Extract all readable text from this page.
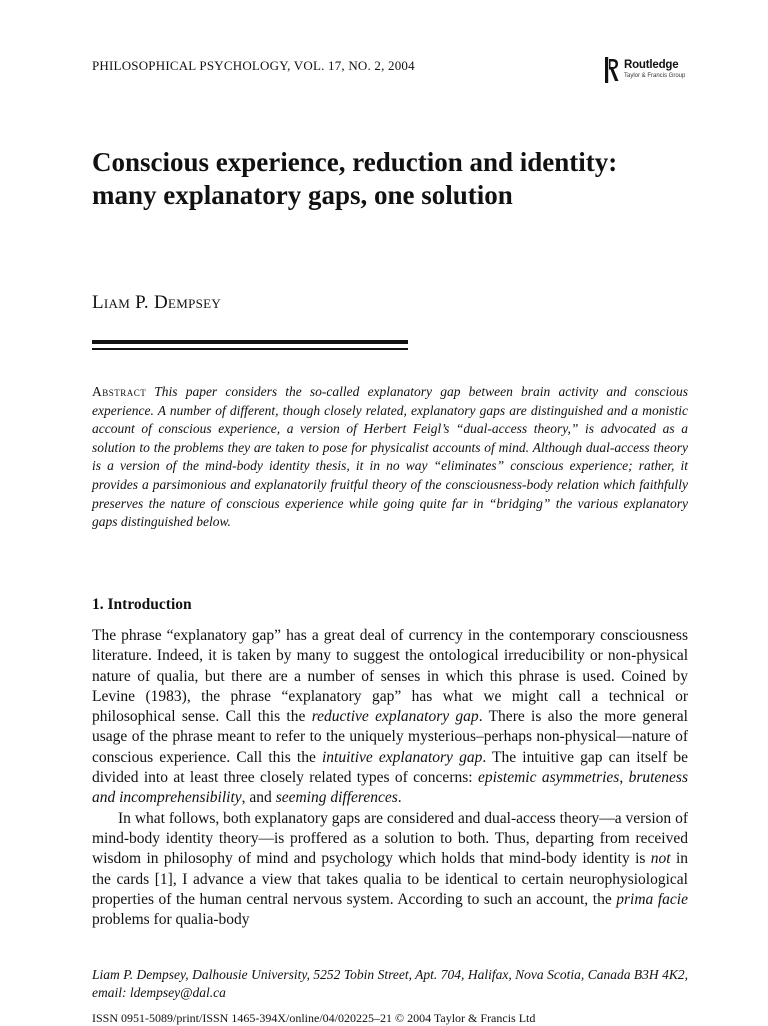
PHILOSOPHICAL PSYCHOLOGY, VOL. 17, NO. 2, 2004	Routledge
Taylor & Francis Group
Conscious experience, reduction and identity: many explanatory gaps, one solution
Liam P. Dempsey

Abstract This paper considers the so-called explanatory gap between brain activity and conscious experience. A number of different, though closely related, explanatory gaps are distinguished and a monistic account of conscious experience, a version of Herbert Feigl’s “dual-access theory,” is advocated as a solution to the problems they are taken to pose for physicalist accounts of mind. Although dual-access theory is a version of the mind-body identity thesis, it in no way “eliminates” conscious experience; rather, it provides a parsimonious and explanatorily fruitful theory of the consciousness-body relation which faithfully preserves the nature of conscious experience while going quite far in “bridging” the various explanatory gaps distinguished below.

1. Introduction

The phrase “explanatory gap” has a great deal of currency in the contemporary consciousness literature. Indeed, it is taken by many to suggest the ontological irreducibility or non-physical nature of qualia, but there are a number of senses in which this phrase is used. Coined by Levine (1983), the phrase “explanatory gap” has what we might call a technical or philosophical sense. Call this the reductive explanatory gap. There is also the more general usage of the phrase meant to refer to the uniquely mysterious–perhaps non-physical—nature of conscious experience. Call this the intuitive explanatory gap. The intuitive gap can itself be divided into at least three closely related types of concerns: epistemic asymmetries, bruteness and incomprehensibility, and seeming differences.

In what follows, both explanatory gaps are considered and dual-access theory—a version of mind-body identity theory—is proffered as a solution to both. Thus, departing from received wisdom in philosophy of mind and psychology which holds that mind-body identity is not in the cards [1], I advance a view that takes qualia to be identical to certain neurophysiological properties of the human central nervous system. According to such an account, the prima facie problems for qualia-body

Liam P. Dempsey, Dalhousie University, 5252 Tobin Street, Apt. 704, Halifax, Nova Scotia, Canada B3H 4K2, email: ldempsey@dal.ca

ISSN 0951-5089/print/ISSN 1465-394X/online/04/020225–21 © 2004 Taylor & Francis Ltd
